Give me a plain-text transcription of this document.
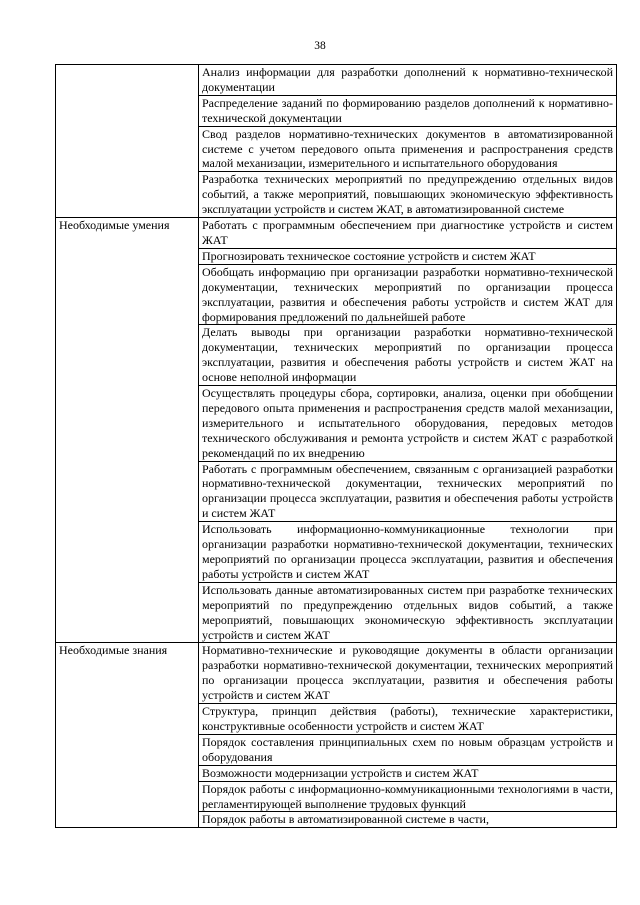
38
	Анализ информации для разработки дополнений к нормативно-технической документации
	Распределение заданий по формированию разделов дополнений к нормативно-технической документации
	Свод разделов нормативно-технических документов в автоматизированной системе с учетом передового опыта применения и распространения средств малой механизации, измерительного и испытательного оборудования
	Разработка технических мероприятий по предупреждению отдельных видов событий, а также мероприятий, повышающих экономическую эффективность эксплуатации устройств и систем ЖАТ, в автоматизированной системе
Необходимые умения	Работать с программным обеспечением при диагностике устройств и систем ЖАТ
	Прогнозировать техническое состояние устройств и систем ЖАТ
	Обобщать информацию при организации разработки нормативно-технической документации, технических мероприятий по организации процесса эксплуатации, развития и обеспечения работы устройств и систем ЖАТ для формирования предложений по дальнейшей работе
	Делать выводы при организации разработки нормативно-технической документации, технических мероприятий по организации процесса эксплуатации, развития и обеспечения работы устройств и систем ЖАТ на основе неполной информации
	Осуществлять процедуры сбора, сортировки, анализа, оценки при обобщении передового опыта применения и распространения средств малой механизации, измерительного и испытательного оборудования, передовых методов технического обслуживания и ремонта устройств и систем ЖАТ с разработкой рекомендаций по их внедрению
	Работать с программным обеспечением, связанным с организацией разработки нормативно-технической документации, технических мероприятий по организации процесса эксплуатации, развития и обеспечения работы устройств и систем ЖАТ
	Использовать информационно-коммуникационные технологии при организации разработки нормативно-технической документации, технических мероприятий по организации процесса эксплуатации, развития и обеспечения работы устройств и систем ЖАТ
	Использовать данные автоматизированных систем при разработке технических мероприятий по предупреждению отдельных видов событий, а также мероприятий, повышающих экономическую эффективность эксплуатации устройств и систем ЖАТ
Необходимые знания	Нормативно-технические и руководящие документы в области организации разработки нормативно-технической документации, технических мероприятий по организации процесса эксплуатации, развития и обеспечения работы устройств и систем ЖАТ
	Структура, принцип действия (работы), технические характеристики, конструктивные особенности устройств и систем ЖАТ
	Порядок составления принципиальных схем по новым образцам устройств и оборудования
	Возможности модернизации устройств и систем ЖАТ
	Порядок работы с информационно-коммуникационными технологиями в части, регламентирующей выполнение трудовых функций
	Порядок работы в автоматизированной системе в части,
